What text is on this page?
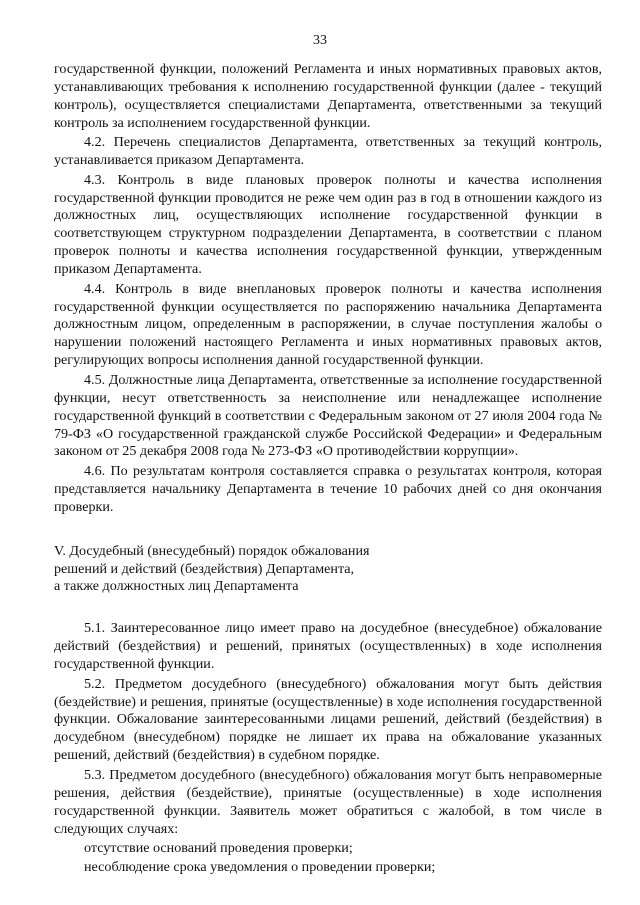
33

государственной функции, положений Регламента и иных нормативных правовых актов, устанавливающих требования к исполнению государственной функции (далее - текущий контроль), осуществляется специалистами Департамента, ответственными за текущий контроль за исполнением государственной функции.

4.2. Перечень специалистов Департамента, ответственных за текущий контроль, устанавливается приказом Департамента.

4.3. Контроль в виде плановых проверок полноты и качества исполнения государственной функции проводится не реже чем один раз в год в отношении каждого из должностных лиц, осуществляющих исполнение государственной функции в соответствующем структурном подразделении Департамента, в соответствии с планом проверок полноты и качества исполнения государственной функции, утвержденным приказом Департамента.

4.4. Контроль в виде внеплановых проверок полноты и качества исполнения государственной функции осуществляется по распоряжению начальника Департамента должностным лицом, определенным в распоряжении, в случае поступления жалобы о нарушении положений настоящего Регламента и иных нормативных правовых актов, регулирующих вопросы исполнения данной государственной функции.

4.5. Должностные лица Департамента, ответственные за исполнение государственной функции, несут ответственность за неисполнение или ненадлежащее исполнение государственной функций в соответствии с Федеральным законом от 27 июля 2004 года № 79-ФЗ «О государственной гражданской службе Российской Федерации» и Федеральным законом от 25 декабря 2008 года № 273-ФЗ «О противодействии коррупции».

4.6. По результатам контроля составляется справка о результатах контроля, которая представляется начальнику Департамента в течение 10 рабочих дней со дня окончания проверки.

V. Досудебный (внесудебный) порядок обжалования
решений и действий (бездействия) Департамента,
а также должностных лиц Департамента

5.1. Заинтересованное лицо имеет право на досудебное (внесудебное) обжалование действий (бездействия) и решений, принятых (осуществленных) в ходе исполнения государственной функции.

5.2. Предметом досудебного (внесудебного) обжалования могут быть действия (бездействие) и решения, принятые (осуществленные) в ходе исполнения государственной функции. Обжалование заинтересованными лицами решений, действий (бездействия) в досудебном (внесудебном) порядке не лишает их права на обжалование указанных решений, действий (бездействия) в судебном порядке.

5.3. Предметом досудебного (внесудебного) обжалования могут быть неправомерные решения, действия (бездействие), принятые (осуществленные) в ходе исполнения государственной функции. Заявитель может обратиться с жалобой, в том числе в следующих случаях:

отсутствие оснований проведения проверки;

несоблюдение срока уведомления о проведении проверки;
